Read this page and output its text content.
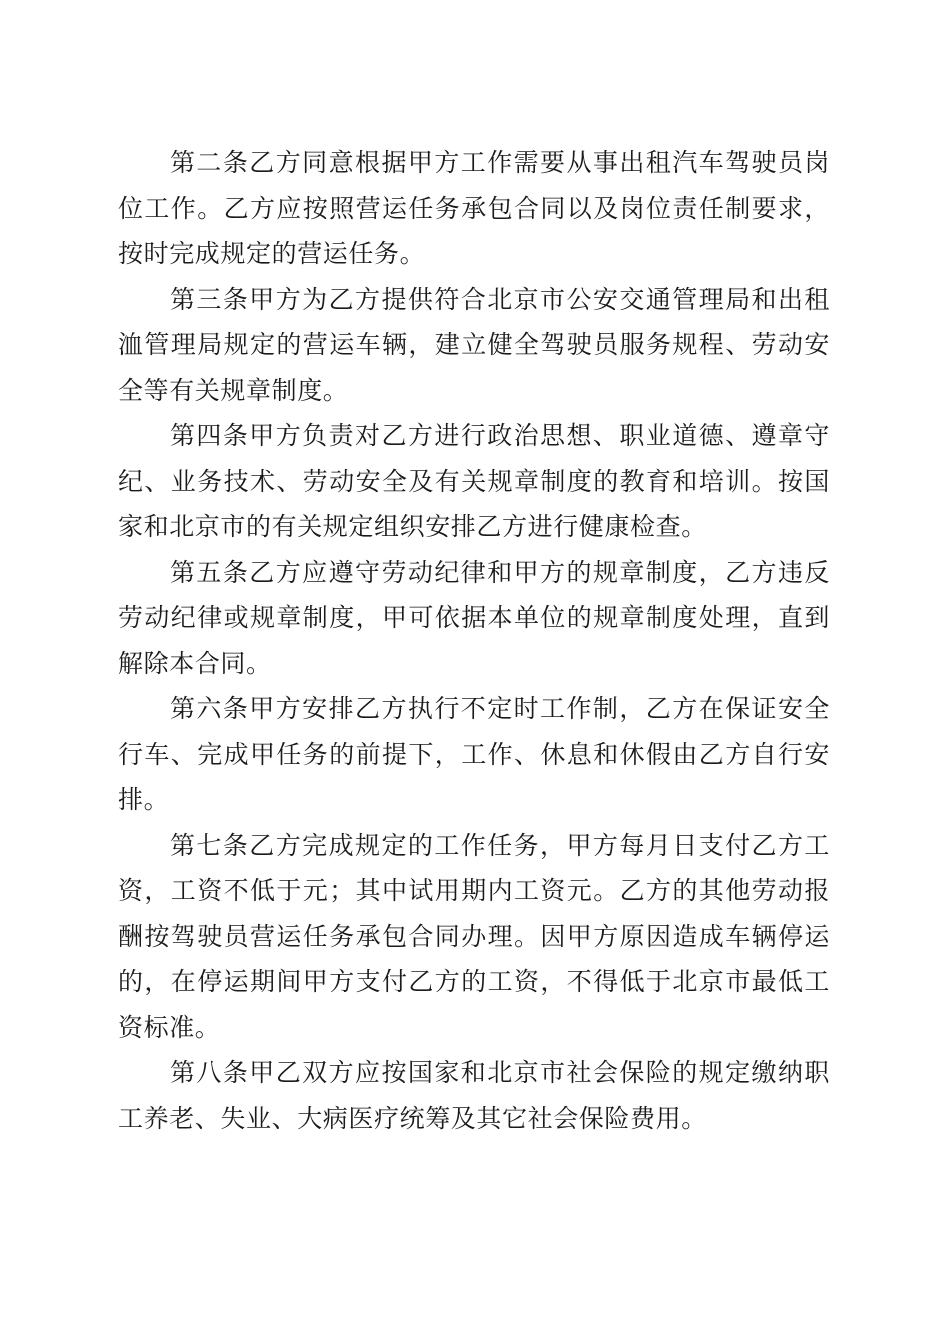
第二条乙方同意根据甲方工作需要从事出租汽车驾驶员岗位工作。乙方应按照营运任务承包合同以及岗位责任制要求，按时完成规定的营运任务。

第三条甲方为乙方提供符合北京市公安交通管理局和出租洫管理局规定的营运车辆，建立健全驾驶员服务规程、劳动安全等有关规章制度。

第四条甲方负责对乙方进行政治思想、职业道德、遵章守纪、业务技术、劳动安全及有关规章制度的教育和培训。按国家和北京市的有关规定组织安排乙方进行健康检查。

第五条乙方应遵守劳动纪律和甲方的规章制度，乙方违反劳动纪律或规章制度，甲可依据本单位的规章制度处理，直到解除本合同。

第六条甲方安排乙方执行不定时工作制，乙方在保证安全行车、完成甲任务的前提下，工作、休息和休假由乙方自行安排。

第七条乙方完成规定的工作任务，甲方每月日支付乙方工资，工资不低于元；其中试用期内工资元。乙方的其他劳动报酬按驾驶员营运任务承包合同办理。因甲方原因造成车辆停运的，在停运期间甲方支付乙方的工资，不得低于北京市最低工资标准。

第八条甲乙双方应按国家和北京市社会保险的规定缴纳职工养老、失业、大病医疗统筹及其它社会保险费用。
